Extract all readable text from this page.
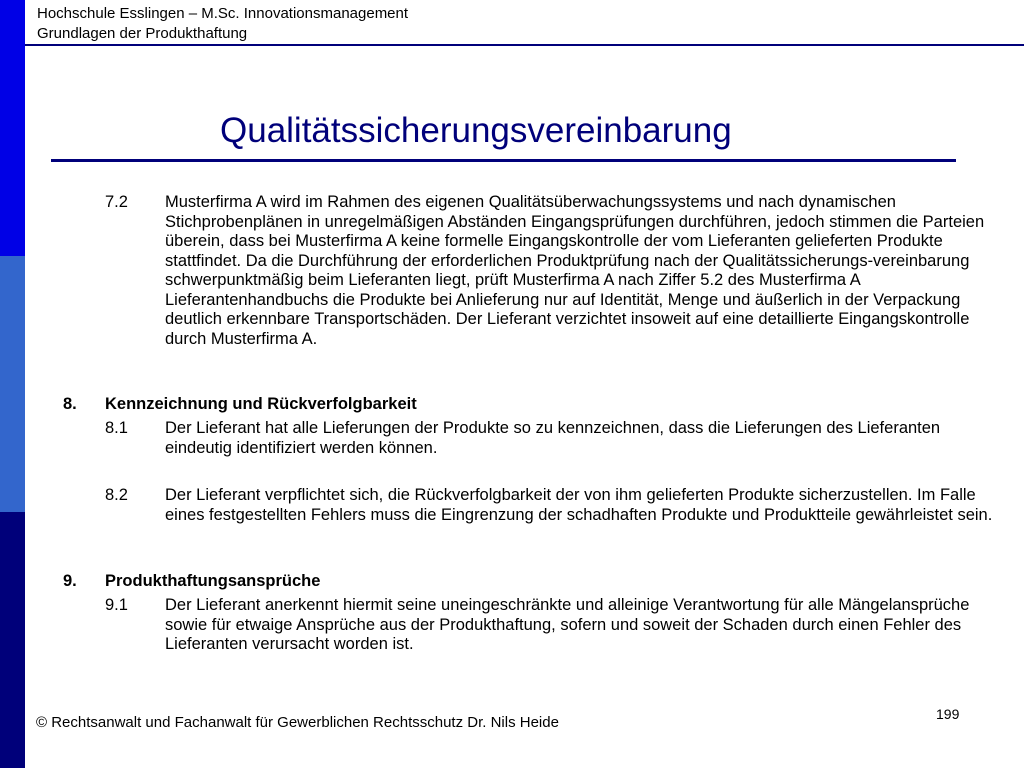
Hochschule Esslingen – M.Sc. Innovationsmanagement
Grundlagen der Produkthaftung
Qualitätssicherungsvereinbarung
7.2 Musterfirma A wird im Rahmen des eigenen Qualitätsüberwachungssystems und nach dynamischen Stichprobenplänen in unregelmäßigen Abständen Eingangsprüfungen durchführen, jedoch stimmen die Parteien überein, dass bei Musterfirma A keine formelle Eingangskontrolle der vom Lieferanten gelieferten Produkte stattfindet. Da die Durchführung der erforderlichen Produktprüfung nach der Qualitätssicherungs-vereinbarung schwerpunktmäßig beim Lieferanten liegt, prüft Musterfirma A nach Ziffer 5.2 des Musterfirma A Lieferantenhandbuchs die Produkte bei Anlieferung nur auf Identität, Menge und äußerlich in der Verpackung deutlich erkennbare Transportschäden. Der Lieferant verzichtet insoweit auf eine detaillierte Eingangskontrolle durch Musterfirma A.
8. Kennzeichnung und Rückverfolgbarkeit
8.1 Der Lieferant hat alle Lieferungen der Produkte so zu kennzeichnen, dass die Lieferungen des Lieferanten eindeutig identifiziert werden können.
8.2 Der Lieferant verpflichtet sich, die Rückverfolgbarkeit der von ihm gelieferten Produkte sicherzustellen. Im Falle eines festgestellten Fehlers muss die Eingrenzung der schadhaften Produkte und Produktteile gewährleistet sein.
9. Produkthaftungsansprüche
9.1 Der Lieferant anerkennt hiermit seine uneingeschränkte und alleinige Verantwortung für alle Mängelansprüche sowie für etwaige Ansprüche aus der Produkthaftung, sofern und soweit der Schaden durch einen Fehler des Lieferanten verursacht worden ist.
© Rechtsanwalt und Fachanwalt für Gewerblichen Rechtsschutz Dr. Nils Heide	199
